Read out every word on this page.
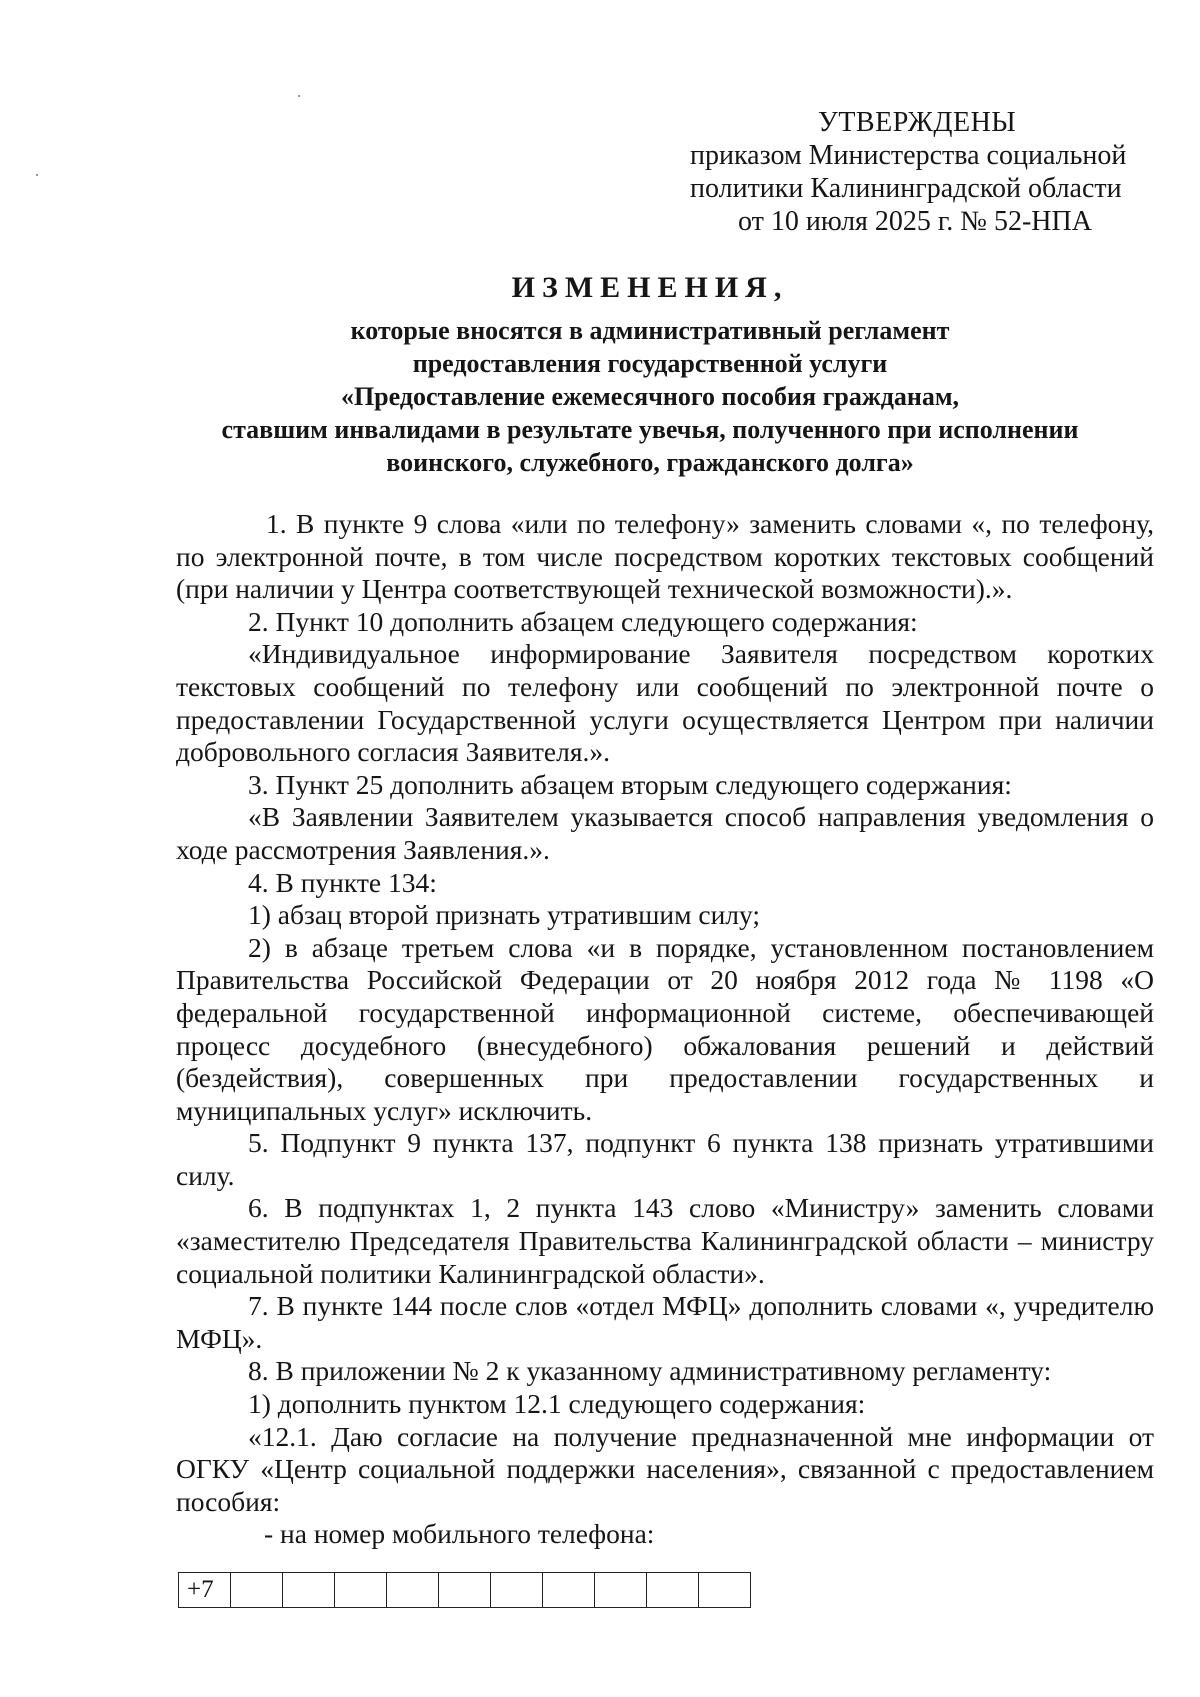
УТВЕРЖДЕНЫ
приказом Министерства социальной
политики Калининградской области
от 10 июля 2025 г. № 52-НПА
ИЗМЕНЕНИЯ,
которые вносятся в административный регламент
предоставления государственной услуги
«Предоставление ежемесячного пособия гражданам,
ставшим инвалидами в результате увечья, полученного при исполнении
воинского, служебного, гражданского долга»

1. В пункте 9 слова «или по телефону» заменить словами «, по телефону, по электронной почте, в том числе посредством коротких текстовых сообщений (при наличии у Центра соответствующей технической возможности).».

2. Пункт 10 дополнить абзацем следующего содержания:

«Индивидуальное информирование Заявителя посредством коротких текстовых сообщений по телефону или сообщений по электронной почте о предоставлении Государственной услуги осуществляется Центром при наличии добровольного согласия Заявителя.».

3. Пункт 25 дополнить абзацем вторым следующего содержания:

«В Заявлении Заявителем указывается способ направления уведомления о ходе рассмотрения Заявления.».

4. В пункте 134:

1) абзац второй признать утратившим силу;

2) в абзаце третьем слова «и в порядке, установленном постановлением Правительства Российской Федерации от 20 ноября 2012 года № 1198 «О федеральной государственной информационной системе, обеспечивающей процесс досудебного (внесудебного) обжалования решений и действий (бездействия), совершенных при предоставлении государственных и муниципальных услуг» исключить.

5. Подпункт 9 пункта 137, подпункт 6 пункта 138 признать утратившими силу.

6. В подпунктах 1, 2 пункта 143 слово «Министру» заменить словами «заместителю Председателя Правительства Калининградской области – министру социальной политики Калининградской области».

7. В пункте 144 после слов «отдел МФЦ» дополнить словами «, учредителю МФЦ».

8. В приложении № 2 к указанному административному регламенту:

1) дополнить пунктом 12.1 следующего содержания:

«12.1. Даю согласие на получение предназначенной мне информации от ОГКУ «Центр социальной поддержки населения», связанной с предоставлением пособия:

- на номер мобильного телефона:

+7										
